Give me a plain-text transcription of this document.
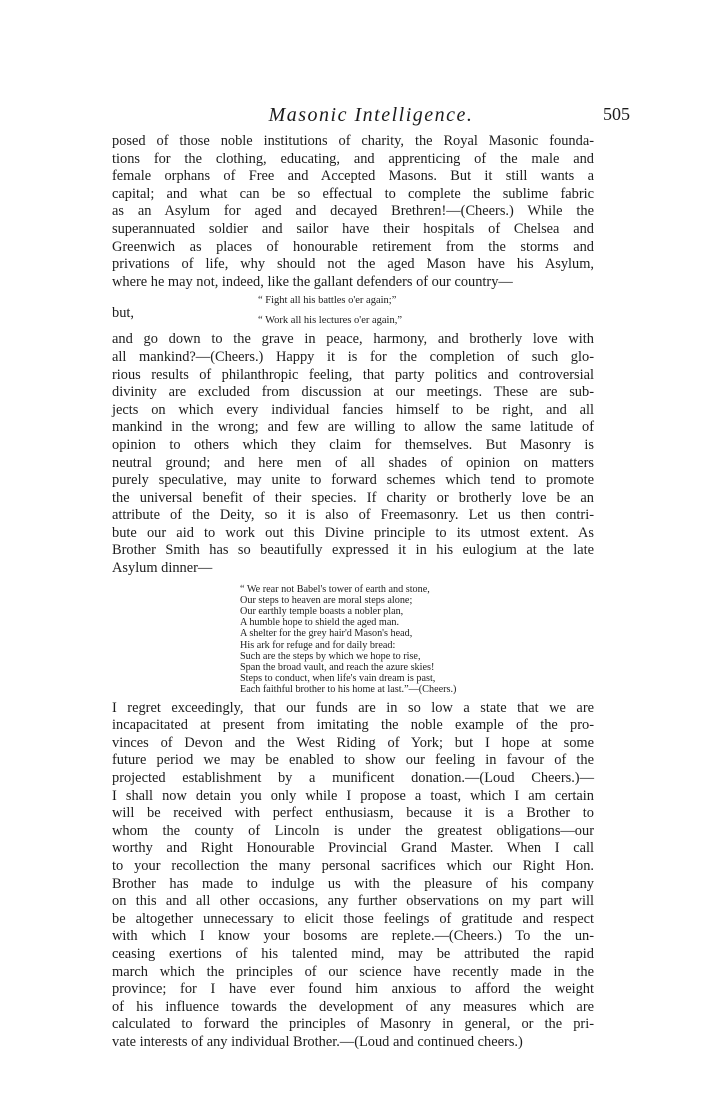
Masonic Intelligence.	505

posed of those noble institutions of charity, the Royal Masonic founda-
tions for the clothing, educating, and apprenticing of the male and
female orphans of Free and Accepted Masons. But it still wants a
capital; and what can be so effectual to complete the sublime fabric
as an Asylum for aged and decayed Brethren!—(Cheers.) While the
superannuated soldier and sailor have their hospitals of Chelsea and
Greenwich as places of honourable retirement from the storms and
privations of life, why should not the aged Mason have his Asylum,
where he may not, indeed, like the gallant defenders of our country—

“ Fight all his battles o'er again;”
“ Work all his lectures o'er again,”
but,

and go down to the grave in peace, harmony, and brotherly love with
all mankind?—(Cheers.) Happy it is for the completion of such glo-
rious results of philanthropic feeling, that party politics and controversial
divinity are excluded from discussion at our meetings. These are sub-
jects on which every individual fancies himself to be right, and all
mankind in the wrong; and few are willing to allow the same latitude of
opinion to others which they claim for themselves. But Masonry is
neutral ground; and here men of all shades of opinion on matters
purely speculative, may unite to forward schemes which tend to promote
the universal benefit of their species. If charity or brotherly love be an
attribute of the Deity, so it is also of Freemasonry. Let us then contri-
bute our aid to work out this Divine principle to its utmost extent. As
Brother Smith has so beautifully expressed it in his eulogium at the late
Asylum dinner—

“ We rear not Babel's tower of earth and stone,
Our steps to heaven are moral steps alone;
Our earthly temple boasts a nobler plan,
A humble hope to shield the aged man.
A shelter for the grey hair'd Mason's head,
His ark for refuge and for daily bread:
Such are the steps by which we hope to rise,
Span the broad vault, and reach the azure skies!
Steps to conduct, when life's vain dream is past,
Each faithful brother to his home at last.”—(Cheers.)

I regret exceedingly, that our funds are in so low a state that we are
incapacitated at present from imitating the noble example of the pro-
vinces of Devon and the West Riding of York; but I hope at some
future period we may be enabled to show our feeling in favour of the
projected establishment by a munificent donation.—(Loud Cheers.)—
I shall now detain you only while I propose a toast, which I am certain
will be received with perfect enthusiasm, because it is a Brother to
whom the county of Lincoln is under the greatest obligations—our
worthy and Right Honourable Provincial Grand Master. When I call
to your recollection the many personal sacrifices which our Right Hon.
Brother has made to indulge us with the pleasure of his company
on this and all other occasions, any further observations on my part will
be altogether unnecessary to elicit those feelings of gratitude and respect
with which I know your bosoms are replete.—(Cheers.) To the un-
ceasing exertions of his talented mind, may be attributed the rapid
march which the principles of our science have recently made in the
province; for I have ever found him anxious to afford the weight
of his influence towards the development of any measures which are
calculated to forward the principles of Masonry in general, or the pri-
vate interests of any individual Brother.—(Loud and continued cheers.)
